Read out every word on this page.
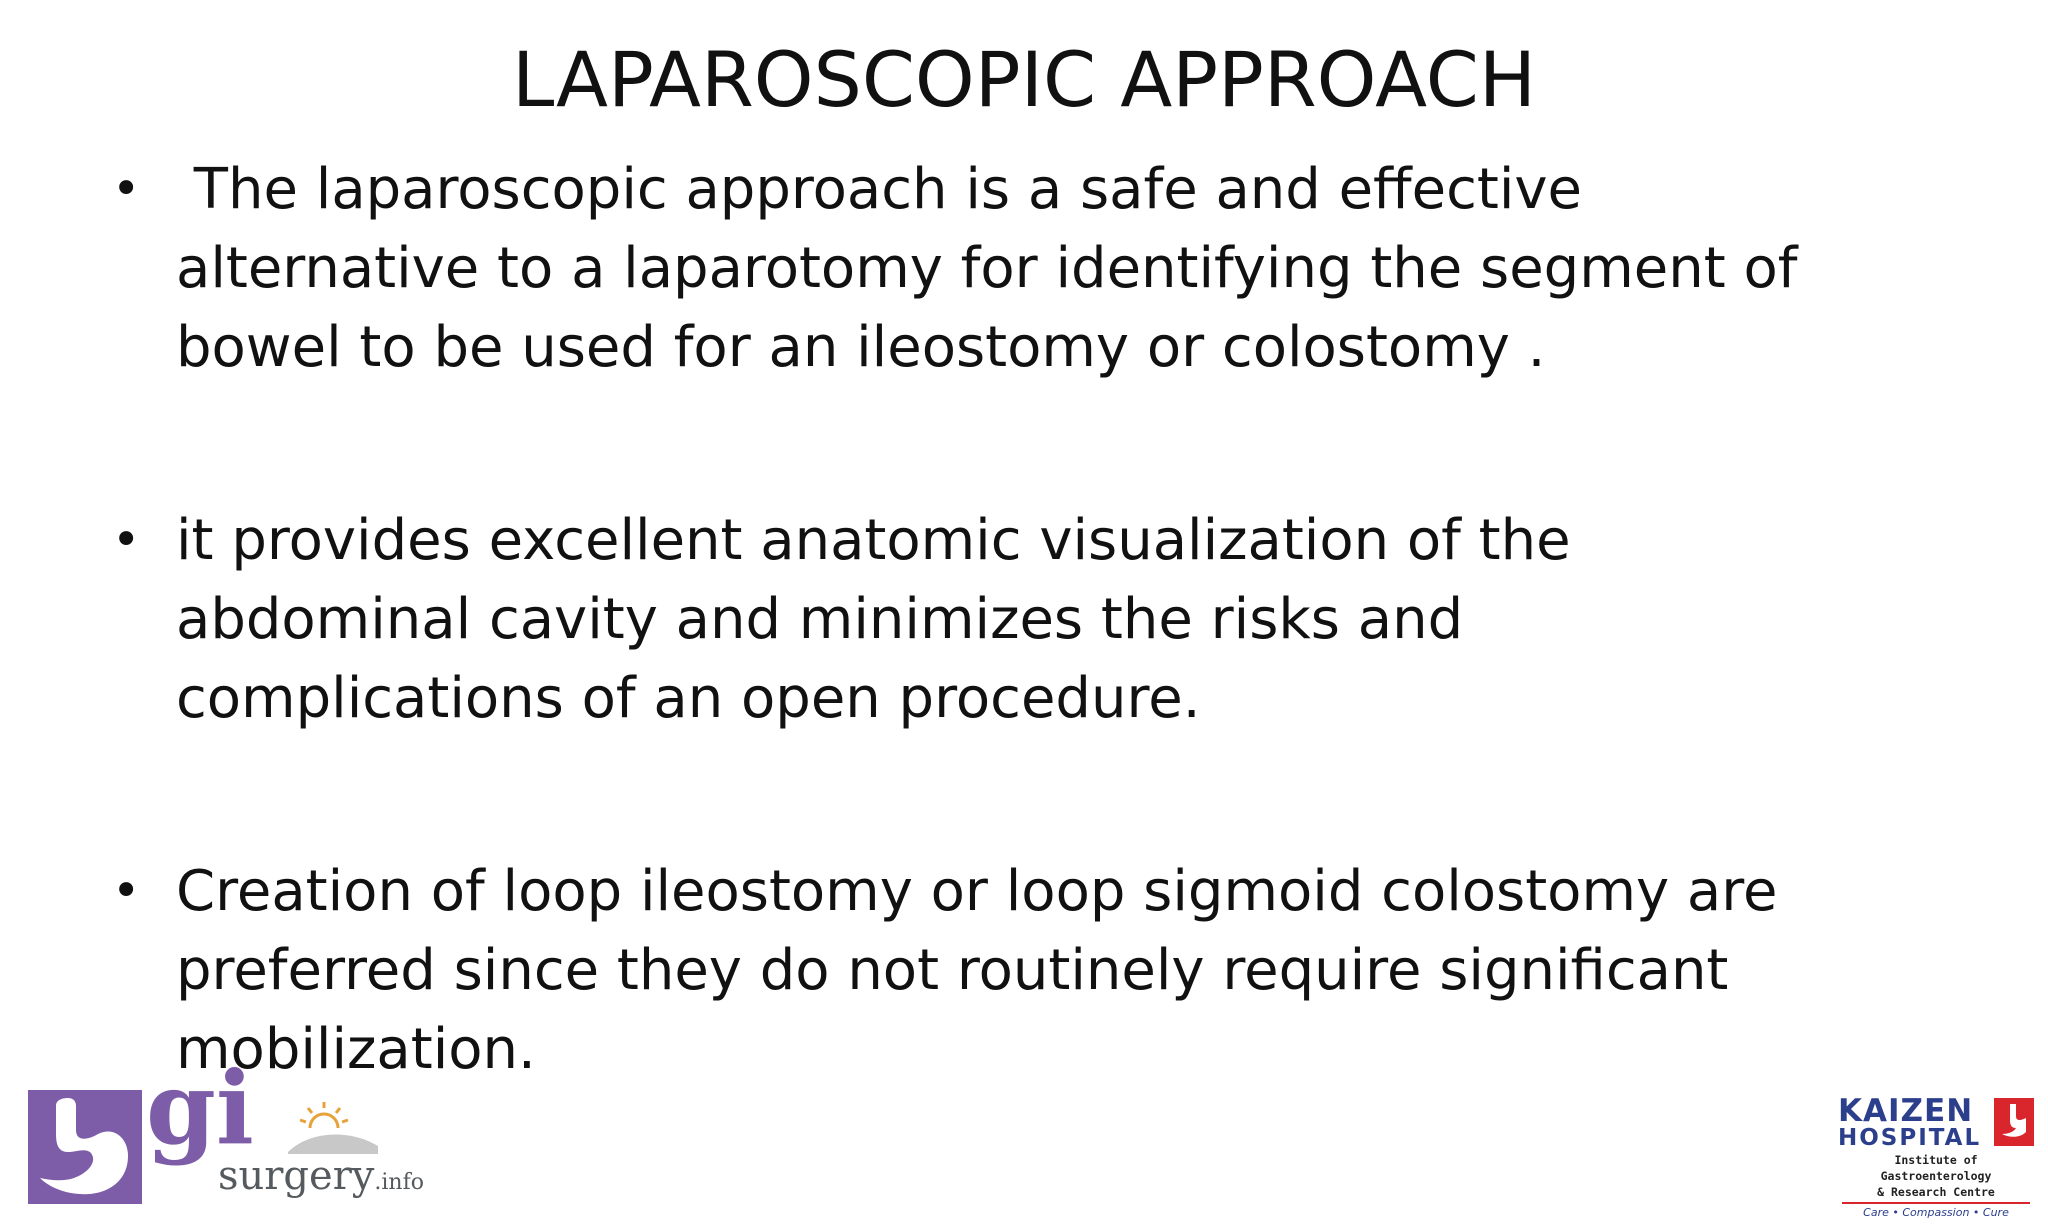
LAPAROSCOPIC APPROACH
• The laparoscopic approach is a safe and effective
alternative to a laparotomy for identifying the segment of
bowel to be used for an ileostomy or colostomy .
• it provides excellent anatomic visualization of the
abdominal cavity and minimizes the risks and
complications of an open procedure.
• Creation of loop ileostomy or loop sigmoid colostomy are
preferred since they do not routinely require significant
mobilization.
gi
surgery.info
KAIZEN
HOSPITAL
Institute of Gastroenterology
& Research Centre
Care • Compassion • Cure
